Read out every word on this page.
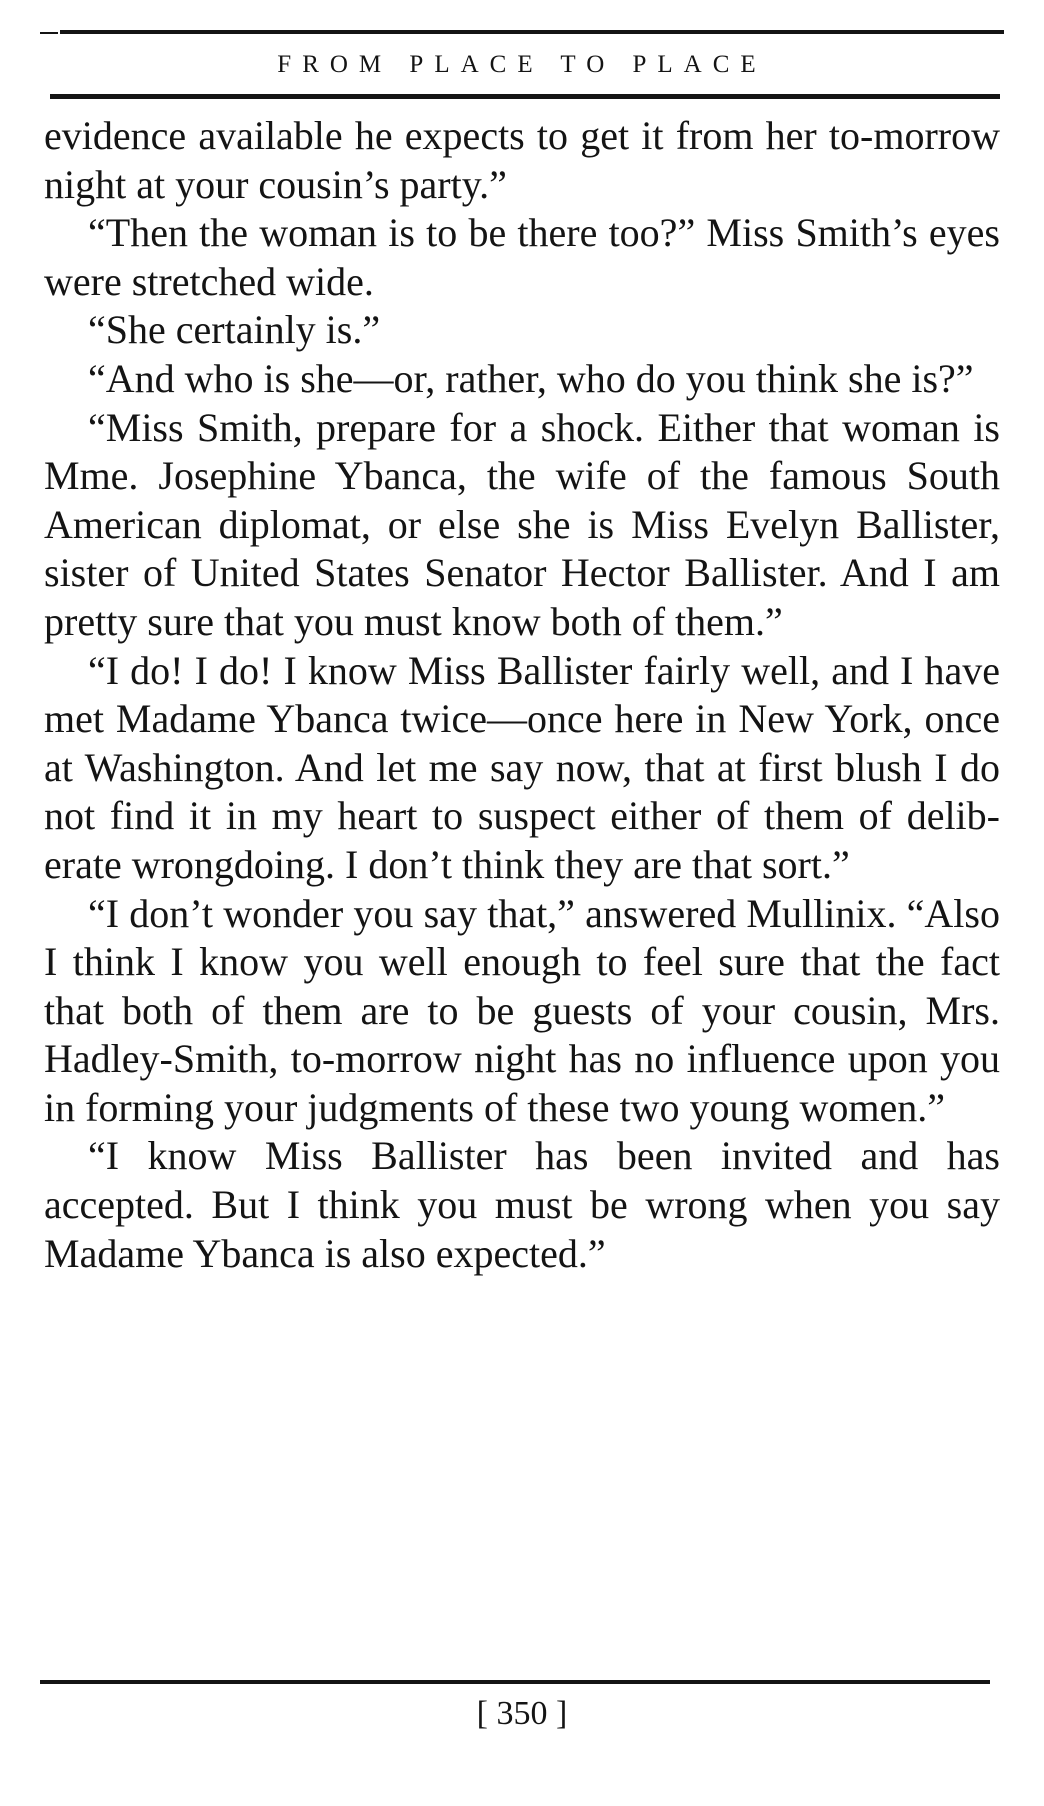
FROM PLACE TO PLACE

evidence available he expects to get it from her to-morrow night at your cousin’s party.”

“Then the woman is to be there too?” Miss Smith’s eyes were stretched wide.

“She certainly is.”

“And who is she—or, rather, who do you think she is?”

“Miss Smith, prepare for a shock. Either that woman is Mme. Josephine Ybanca, the wife of the famous South American diplomat, or else she is Miss Evelyn Ballister, sister of United States Senator Hector Ballister. And I am pretty sure that you must know both of them.”

“I do! I do! I know Miss Ballister fairly well, and I have met Madame Ybanca twice—once here in New York, once at Washington. And let me say now, that at first blush I do not find it in my heart to suspect either of them of deliberate wrongdoing. I don’t think they are that sort.”

“I don’t wonder you say that,” answered Mullinix. “Also I think I know you well enough to feel sure that the fact that both of them are to be guests of your cousin, Mrs. Hadley-Smith, to-morrow night has no influence upon you in forming your judgments of these two young women.”

“I know Miss Ballister has been invited and has accepted. But I think you must be wrong when you say Madame Ybanca is also expected.”

[ 350 ]
